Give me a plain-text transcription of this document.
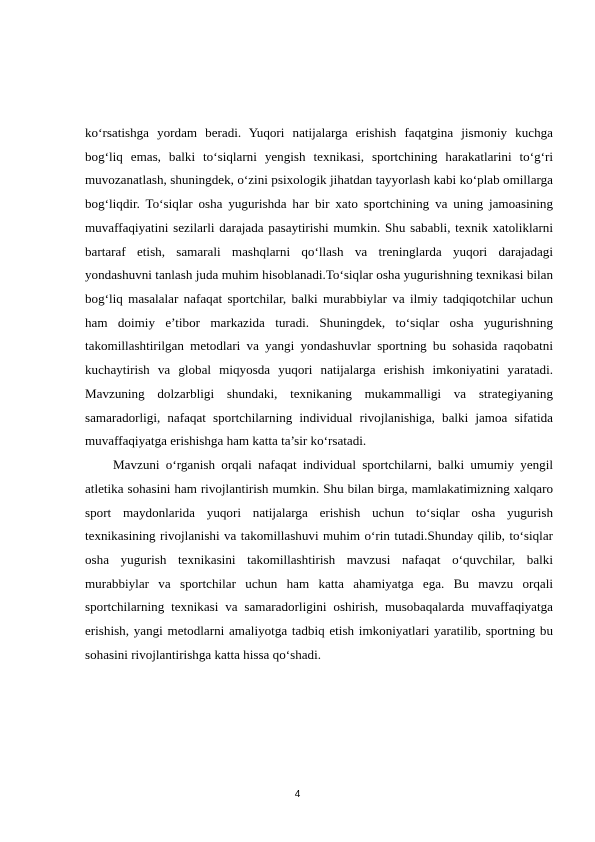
ko‘rsatishga yordam beradi. Yuqori natijalarga erishish faqatgina jismoniy kuchga bog‘liq emas, balki to‘siqlarni yengish texnikasi, sportchining harakatlarini to‘g‘ri muvozanatlash, shuningdek, o‘zini psixologik jihatdan tayyorlash kabi ko‘plab omillarga bog‘liqdir. To‘siqlar osha yugurishda har bir xato sportchining va uning jamoasining muvaffaqiyatini sezilarli darajada pasaytirishi mumkin. Shu sababli, texnik xatoliklarni bartaraf etish, samarali mashqlarni qo‘llash va treninglarda yuqori darajadagi yondashuvni tanlash juda muhim hisoblanadi.To‘siqlar osha yugurishning texnikasi bilan bog‘liq masalalar nafaqat sportchilar, balki murabbiylar va ilmiy tadqiqotchilar uchun ham doimiy e’tibor markazida turadi. Shuningdek, to‘siqlar osha yugurishning takomillashtirilgan metodlari va yangi yondashuvlar sportning bu sohasida raqobatni kuchaytirish va global miqyosda yuqori natijalarga erishish imkoniyatini yaratadi. Mavzuning dolzarbligi shundaki, texnikaning mukammalligi va strategiyaning samaradorligi, nafaqat sportchilarning individual rivojlanishiga, balki jamoa sifatida muvaffaqiyatga erishishga ham katta ta’sir ko‘rsatadi.

Mavzuni o‘rganish orqali nafaqat individual sportchilarni, balki umumiy yengil atletika sohasini ham rivojlantirish mumkin. Shu bilan birga, mamlakatimizning xalqaro sport maydonlarida yuqori natijalarga erishish uchun to‘siqlar osha yugurish texnikasining rivojlanishi va takomillashuvi muhim o‘rin tutadi.Shunday qilib, to‘siqlar osha yugurish texnikasini takomillashtirish mavzusi nafaqat o‘quvchilar, balki murabbiylar va sportchilar uchun ham katta ahamiyatga ega. Bu mavzu orqali sportchilarning texnikasi va samaradorligini oshirish, musobaqalarda muvaffaqiyatga erishish, yangi metodlarni amaliyotga tadbiq etish imkoniyatlari yaratilib, sportning bu sohasini rivojlantirishga katta hissa qo‘shadi.

4
